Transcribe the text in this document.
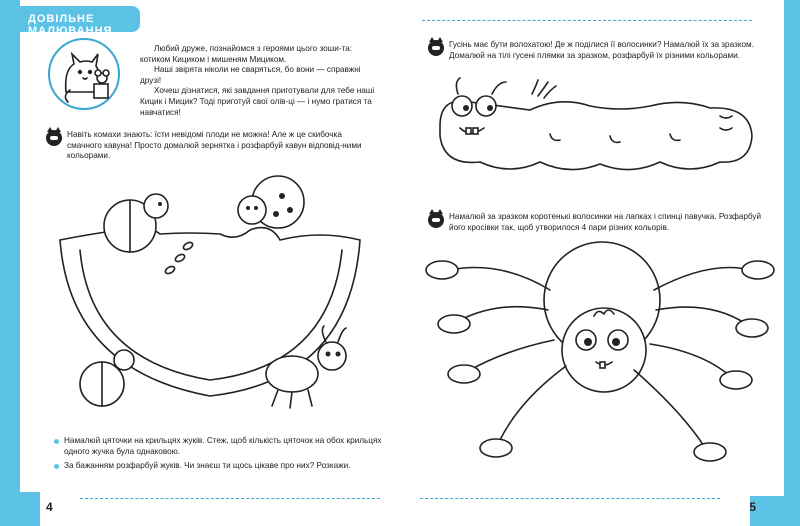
ДОВІЛЬНЕ МАЛЮВАННЯ

Любий друже, познайомся з героями цього зоши-та: котиком Кициком і мишеням Мициком.

Наші звірята ніколи не сваряться, бо вони — справжні друзі!

Хочеш дізнатися, які завдання приготували для тебе наші Кицик і Мицик? Тоді приготуй свої олів-ці — і нумо гратися та навчатися!

Навіть комахи знають: їсти невідомі плоди не можна! Але ж це скибочка смачного кавуна! Просто домалюй зернятка і розфарбуй кавун відповід-ними кольорами.
Намалюй цяточки на крильцях жуків. Стеж, щоб кількість цяточок на обох крильцях одного жучка була однаковою.
За бажанням розфарбуй жуків. Чи знаєш ти щось цікаве про них? Розкажи.
4
Гусінь має бути волохатою! Де ж поділися її волосинки? Намалюй їх за зразком. Домалюй на тілі гусені плямки за зразком, розфарбуй їх різними кольорами.
Намалюй за зразком коротенькі волосинки на лапках і спинці павучка. Розфарбуй його кросівки так, щоб утворилося 4 пари різних кольорів.
5
